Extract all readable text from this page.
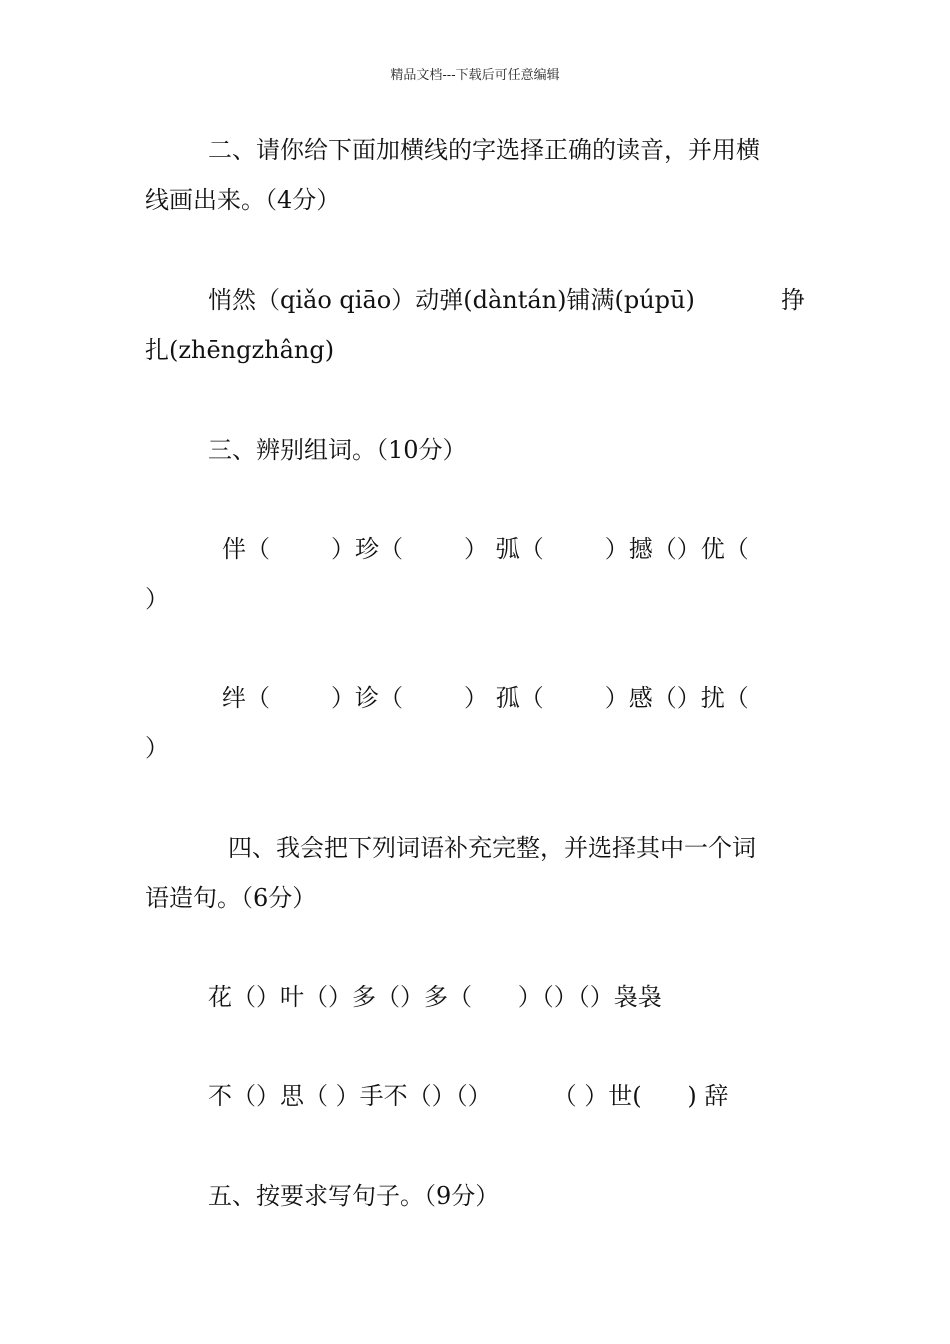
精品文档---下载后可任意编辑
二、请你给下面加横线的字选择正确的读音，并用横
线画出来。（4分）
悄然（qiǎo qiāo）动弹(dàntán)铺满(púpū)	挣
扎(zhēngzhâng)
三、辨别组词。（10分）
伴（        ）珍（        ） 弧（        ）撼（）优（
）
绊（        ）诊（        ） 孤（        ）感（）扰（
）
四、我会把下列词语补充完整，并选择其中一个词
语造句。（6分）
花（）叶（）多（）多（      ）（）（）袅袅
不（）思（ ）手不（）（）        （ ）世(      ) 辞
五、按要求写句子。（9分）
